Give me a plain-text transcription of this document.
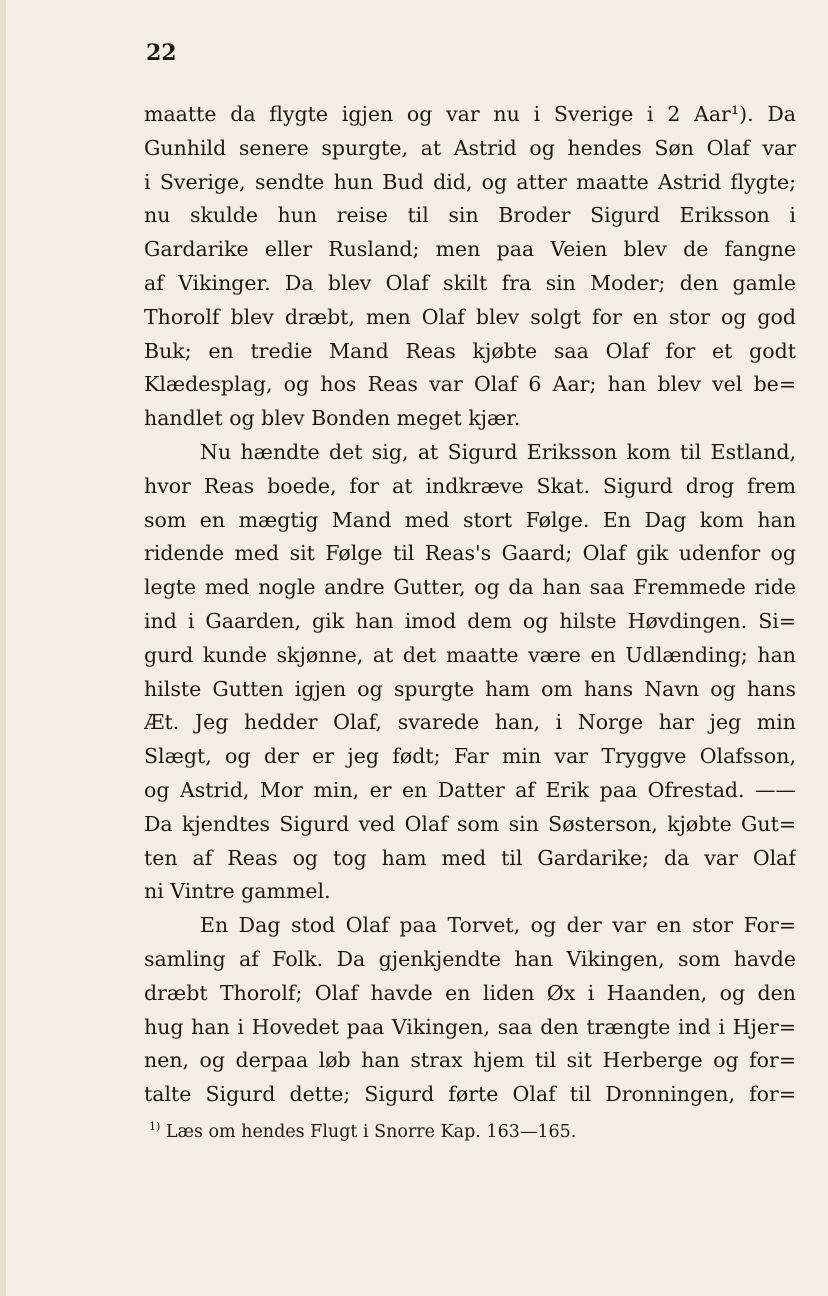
22
maatte da flygte igjen og var nu i Sverige i 2 Aar¹). Da
Gunhild senere spurgte, at Astrid og hendes Søn Olaf var
i Sverige, sendte hun Bud did, og atter maatte Astrid flygte;
nu skulde hun reise til sin Broder Sigurd Eriksson i
Gardarike eller Rusland; men paa Veien blev de fangne
af Vikinger. Da blev Olaf skilt fra sin Moder; den gamle
Thorolf blev dræbt, men Olaf blev solgt for en stor og god
Buk; en tredie Mand Reas kjøbte saa Olaf for et godt
Klædesplag, og hos Reas var Olaf 6 Aar; han blev vel be=
handlet og blev Bonden meget kjær.
Nu hændte det sig, at Sigurd Eriksson kom til Estland,
hvor Reas boede, for at indkræve Skat. Sigurd drog frem
som en mægtig Mand med stort Følge. En Dag kom han
ridende med sit Følge til Reas's Gaard; Olaf gik udenfor og
legte med nogle andre Gutter, og da han saa Fremmede ride
ind i Gaarden, gik han imod dem og hilste Høvdingen. Si=
gurd kunde skjønne, at det maatte være en Udlænding; han
hilste Gutten igjen og spurgte ham om hans Navn og hans
Æt. Jeg hedder Olaf, svarede han, i Norge har jeg min
Slægt, og der er jeg født; Far min var Tryggve Olafsson,
og Astrid, Mor min, er en Datter af Erik paa Ofrestad. ——
Da kjendtes Sigurd ved Olaf som sin Søsterson, kjøbte Gut=
ten af Reas og tog ham med til Gardarike; da var Olaf
ni Vintre gammel.
En Dag stod Olaf paa Torvet, og der var en stor For=
samling af Folk. Da gjenkjendte han Vikingen, som havde
dræbt Thorolf; Olaf havde en liden Øx i Haanden, og den
hug han i Hovedet paa Vikingen, saa den trængte ind i Hjer=
nen, og derpaa løb han strax hjem til sit Herberge og for=
talte Sigurd dette; Sigurd førte Olaf til Dronningen, for=
$^{1)}$ Læs om hendes Flugt i Snorre Kap. 163—165.
